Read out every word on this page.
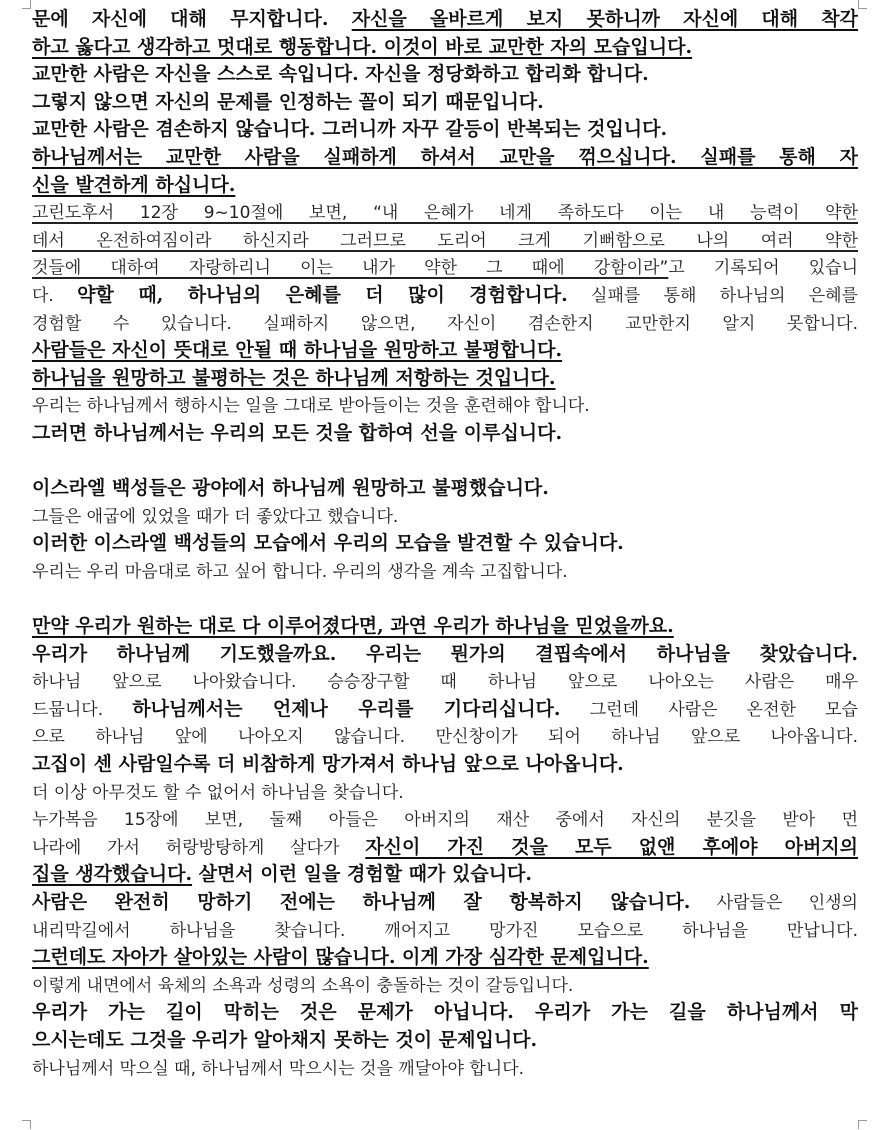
문에 자신에 대해 무지합니다. 자신을 올바르게 보지 못하니까 자신에 대해 착각
하고 옳다고 생각하고 멋대로 행동합니다. 이것이 바로 교만한 자의 모습입니다.
교만한 사람은 자신을 스스로 속입니다. 자신을 정당화하고 합리화 합니다.
그렇지 않으면 자신의 문제를 인정하는 꼴이 되기 때문입니다.
교만한 사람은 겸손하지 않습니다. 그러니까 자꾸 갈등이 반복되는 것입니다.
하나님께서는 교만한 사람을 실패하게 하셔서 교만을 꺾으십니다. 실패를 통해 자
신을 발견하게 하십니다.
고린도후서 12장 9~10절에 보면, “내 은혜가 네게 족하도다 이는 내 능력이 약한
데서 온전하여짐이라 하신지라 그러므로 도리어 크게 기뻐함으로 나의 여러 약한
것들에 대하여 자랑하리니 이는 내가 약한 그 때에 강함이라”고 기록되어 있습니
다. 약할 때, 하나님의 은혜를 더 많이 경험합니다. 실패를 통해 하나님의 은혜를
경험할 수 있습니다. 실패하지 않으면, 자신이 겸손한지 교만한지 알지 못합니다.
사람들은 자신이 뜻대로 안될 때 하나님을 원망하고 불평합니다.
하나님을 원망하고 불평하는 것은 하나님께 저항하는 것입니다.
우리는 하나님께서 행하시는 일을 그대로 받아들이는 것을 훈련해야 합니다.
그러면 하나님께서는 우리의 모든 것을 합하여 선을 이루십니다.
이스라엘 백성들은 광야에서 하나님께 원망하고 불평했습니다.
그들은 애굽에 있었을 때가 더 좋았다고 했습니다.
이러한 이스라엘 백성들의 모습에서 우리의 모습을 발견할 수 있습니다.
우리는 우리 마음대로 하고 싶어 합니다. 우리의 생각을 계속 고집합니다.
만약 우리가 원하는 대로 다 이루어졌다면, 과연 우리가 하나님을 믿었을까요.
우리가 하나님께 기도했을까요. 우리는 뭔가의 결핍속에서 하나님을 찾았습니다.
하나님 앞으로 나아왔습니다. 승승장구할 때 하나님 앞으로 나아오는 사람은 매우
드뭅니다. 하나님께서는 언제나 우리를 기다리십니다. 그런데 사람은 온전한 모습
으로 하나님 앞에 나아오지 않습니다. 만신창이가 되어 하나님 앞으로 나아옵니다.
고집이 센 사람일수록 더 비참하게 망가져서 하나님 앞으로 나아옵니다.
더 이상 아무것도 할 수 없어서 하나님을 찾습니다.
누가복음 15장에 보면, 둘째 아들은 아버지의 재산 중에서 자신의 분깃을 받아 먼
나라에 가서 허랑방탕하게 살다가 자신이 가진 것을 모두 없앤 후에야 아버지의
집을 생각했습니다. 살면서 이런 일을 경험할 때가 있습니다.
사람은 완전히 망하기 전에는 하나님께 잘 항복하지 않습니다. 사람들은 인생의
내리막길에서 하나님을 찾습니다. 깨어지고 망가진 모습으로 하나님을 만납니다.
그런데도 자아가 살아있는 사람이 많습니다. 이게 가장 심각한 문제입니다.
이렇게 내면에서 육체의 소욕과 성령의 소욕이 충돌하는 것이 갈등입니다.
우리가 가는 길이 막히는 것은 문제가 아닙니다. 우리가 가는 길을 하나님께서 막
으시는데도 그것을 우리가 알아채지 못하는 것이 문제입니다.
하나님께서 막으실 때, 하나님께서 막으시는 것을 깨달아야 합니다.
